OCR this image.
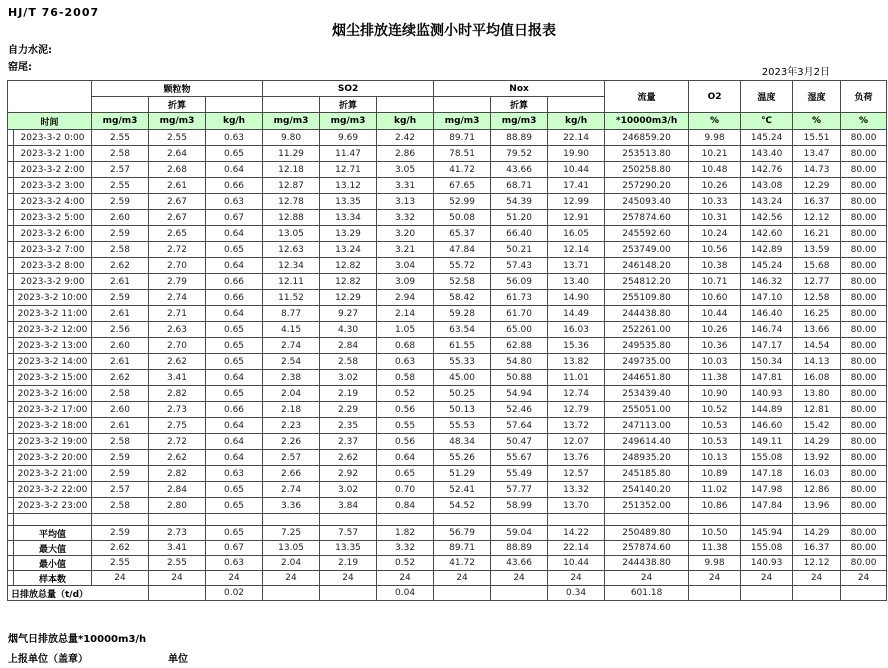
HJ/T 76-2007
烟尘排放连续监测小时平均值日报表
自力水泥:
窑尾:	2023年3月2日
		颗粒物			SO2			Nox			流量	O2	温度	湿度	负荷
			折算			折算			折算						
时间		mg/m3	mg/m3	kg/h	mg/m3	mg/m3	kg/h	mg/m3	mg/m3	kg/h	*10000m3/h	%	℃	%	%
	2023-3-2 0:00	2.55	2.55	0.63	9.80	9.69	2.42	89.71	88.89	22.14	246859.20	9.98	145.24	15.51	80.00
	2023-3-2 1:00	2.58	2.64	0.65	11.29	11.47	2.86	78.51	79.52	19.90	253513.80	10.21	143.40	13.47	80.00
	2023-3-2 2:00	2.57	2.68	0.64	12.18	12.71	3.05	41.72	43.66	10.44	250258.80	10.48	142.76	14.73	80.00
	2023-3-2 3:00	2.55	2.61	0.66	12.87	13.12	3.31	67.65	68.71	17.41	257290.20	10.26	143.08	12.29	80.00
	2023-3-2 4:00	2.59	2.67	0.63	12.78	13.35	3.13	52.99	54.39	12.99	245093.40	10.33	143.24	16.37	80.00
	2023-3-2 5:00	2.60	2.67	0.67	12.88	13.34	3.32	50.08	51.20	12.91	257874.60	10.31	142.56	12.12	80.00
	2023-3-2 6:00	2.59	2.65	0.64	13.05	13.29	3.20	65.37	66.40	16.05	245592.60	10.24	142.60	16.21	80.00
	2023-3-2 7:00	2.58	2.72	0.65	12.63	13.24	3.21	47.84	50.21	12.14	253749.00	10.56	142.89	13.59	80.00
	2023-3-2 8:00	2.62	2.70	0.64	12.34	12.82	3.04	55.72	57.43	13.71	246148.20	10.38	145.24	15.68	80.00
	2023-3-2 9:00	2.61	2.79	0.66	12.11	12.82	3.09	52.58	56.09	13.40	254812.20	10.71	146.32	12.77	80.00
	2023-3-2 10:00	2.59	2.74	0.66	11.52	12.29	2.94	58.42	61.73	14.90	255109.80	10.60	147.10	12.58	80.00
	2023-3-2 11:00	2.61	2.71	0.64	8.77	9.27	2.14	59.28	61.70	14.49	244438.80	10.44	146.40	16.25	80.00
	2023-3-2 12:00	2.56	2.63	0.65	4.15	4.30	1.05	63.54	65.00	16.03	252261.00	10.26	146.74	13.66	80.00
	2023-3-2 13:00	2.60	2.70	0.65	2.74	2.84	0.68	61.55	62.88	15.36	249535.80	10.36	147.17	14.54	80.00
	2023-3-2 14:00	2.61	2.62	0.65	2.54	2.58	0.63	55.33	54.80	13.82	249735.00	10.03	150.34	14.13	80.00
	2023-3-2 15:00	2.62	3.41	0.64	2.38	3.02	0.58	45.00	50.88	11.01	244651.80	11.38	147.81	16.08	80.00
	2023-3-2 16:00	2.58	2.82	0.65	2.04	2.19	0.52	50.25	54.94	12.74	253439.40	10.90	140.93	13.80	80.00
	2023-3-2 17:00	2.60	2.73	0.66	2.18	2.29	0.56	50.13	52.46	12.79	255051.00	10.52	144.89	12.81	80.00
	2023-3-2 18:00	2.61	2.75	0.64	2.23	2.35	0.55	55.53	57.64	13.72	247113.00	10.53	146.60	15.42	80.00
	2023-3-2 19:00	2.58	2.72	0.64	2.26	2.37	0.56	48.34	50.47	12.07	249614.40	10.53	149.11	14.29	80.00
	2023-3-2 20:00	2.59	2.62	0.64	2.57	2.62	0.64	55.26	55.67	13.76	248935.20	10.13	155.08	13.92	80.00
	2023-3-2 21:00	2.59	2.82	0.63	2.66	2.92	0.65	51.29	55.49	12.57	245185.80	10.89	147.18	16.03	80.00
	2023-3-2 22:00	2.57	2.84	0.65	2.74	3.02	0.70	52.41	57.77	13.32	254140.20	11.02	147.98	12.86	80.00
	2023-3-2 23:00	2.58	2.80	0.65	3.36	3.84	0.84	54.52	58.99	13.70	251352.00	10.86	147.84	13.96	80.00

	平均值	2.59	2.73	0.65	7.25	7.57	1.82	56.79	59.04	14.22	250489.80	10.50	145.94	14.29	80.00
	最大值	2.62	3.41	0.67	13.05	13.35	3.32	89.71	88.89	22.14	257874.60	11.38	155.08	16.37	80.00
	最小值	2.55	2.55	0.63	2.04	2.19	0.52	41.72	43.66	10.44	244438.80	9.98	140.93	12.12	80.00
	样本数	24	24	24	24	24	24	24	24	24	24	24	24	24	24
日排放总量（t/d）				0.02			0.04			0.34	601.18				
烟气日排放总量*10000m3/h
上报单位（盖章）	单位
